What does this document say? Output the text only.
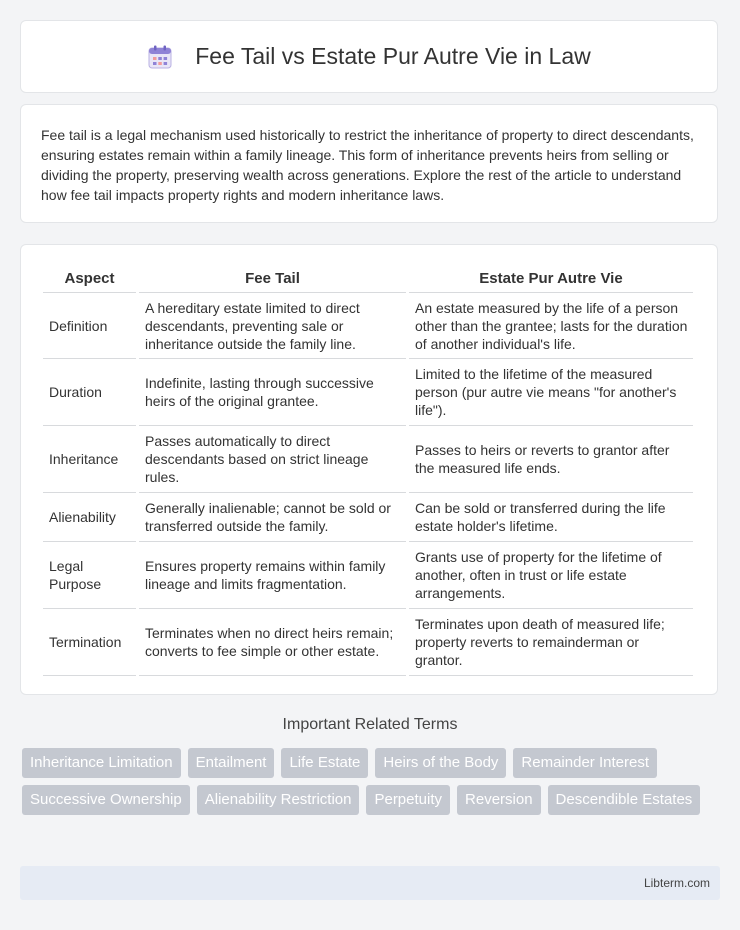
Fee Tail vs Estate Pur Autre Vie in Law

Fee tail is a legal mechanism used historically to restrict the inheritance of property to direct descendants, ensuring estates remain within a family lineage. This form of inheritance prevents heirs from selling or dividing the property, preserving wealth across generations. Explore the rest of the article to understand how fee tail impacts property rights and modern inheritance laws.

Aspect	Fee Tail	Estate Pur Autre Vie
Definition	A hereditary estate limited to direct descendants, preventing sale or inheritance outside the family line.	An estate measured by the life of a person other than the grantee; lasts for the duration of another individual's life.
Duration	Indefinite, lasting through successive heirs of the original grantee.	Limited to the lifetime of the measured person (pur autre vie means "for another's life").
Inheritance	Passes automatically to direct descendants based on strict lineage rules.	Passes to heirs or reverts to grantor after the measured life ends.
Alienability	Generally inalienable; cannot be sold or transferred outside the family.	Can be sold or transferred during the life estate holder's lifetime.
Legal Purpose	Ensures property remains within family lineage and limits fragmentation.	Grants use of property for the lifetime of another, often in trust or life estate arrangements.
Termination	Terminates when no direct heirs remain; converts to fee simple or other estate.	Terminates upon death of measured life; property reverts to remainderman or grantor.
Important Related Terms
Inheritance Limitation	Entailment	Life Estate	Heirs of the Body	Remainder Interest
Successive Ownership	Alienability Restriction	Perpetuity	Reversion	Descendible Estates
Libterm.com
